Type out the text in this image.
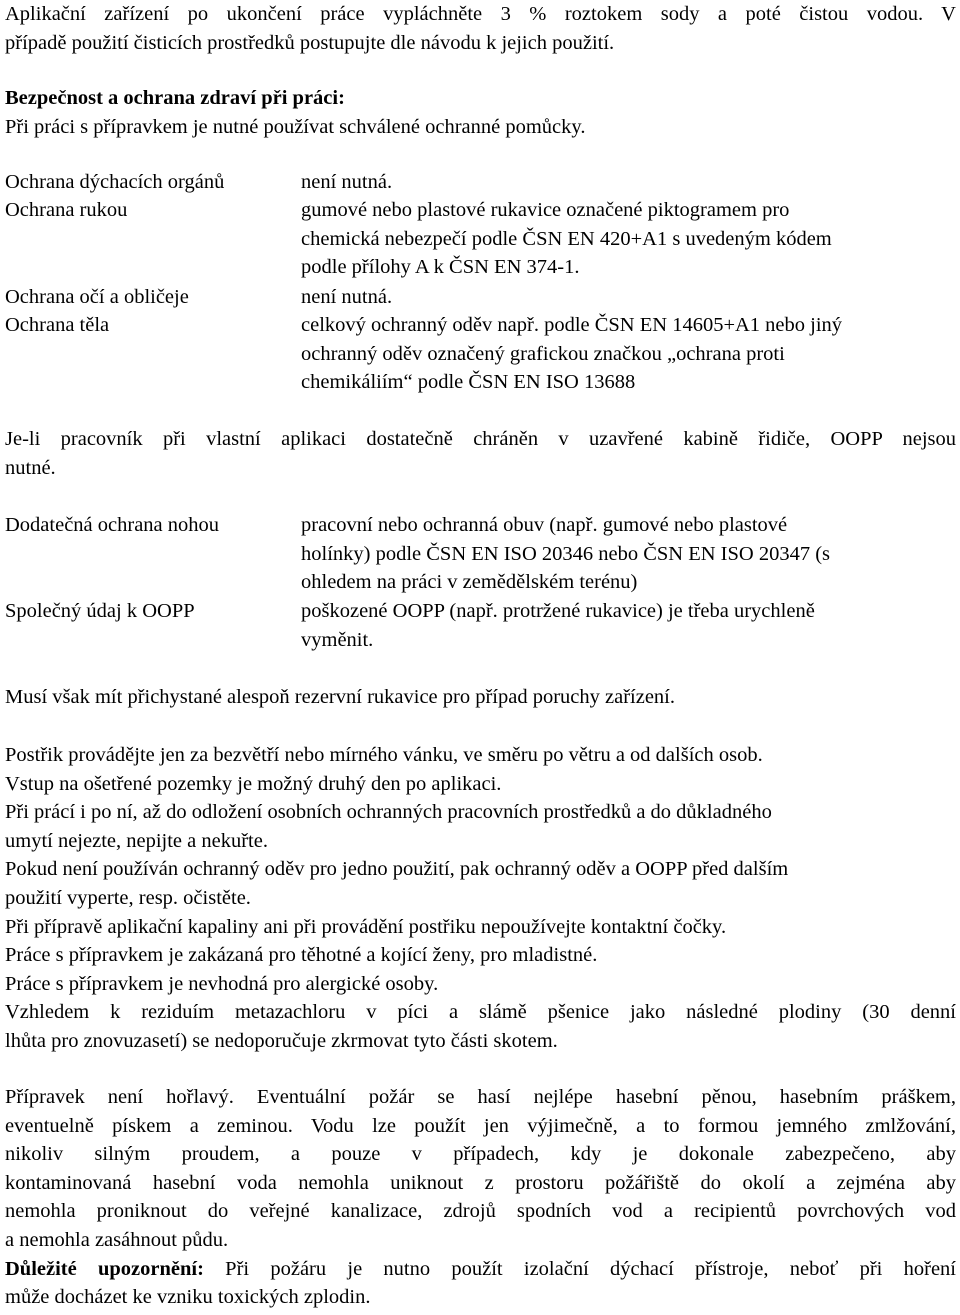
Aplikační zařízení po ukončení práce vypláchněte 3 % roztokem sody a poté čistou vodou. V
případě použití čisticích prostředků postupujte dle návodu k jejich použití.
Bezpečnost a ochrana zdraví při práci:
Při práci s přípravkem je nutné používat schválené ochranné pomůcky.
Ochrana dýchacích orgánů	není nutná.
Ochrana rukou	gumové nebo plastové rukavice označené piktogramem pro
chemická nebezpečí podle ČSN EN 420+A1 s uvedeným kódem
podle přílohy A k ČSN EN 374-1.
Ochrana očí a obličeje	není nutná.
Ochrana těla	celkový ochranný oděv např. podle ČSN EN 14605+A1 nebo jiný
ochranný oděv označený grafickou značkou „ochrana proti
chemikáliím“ podle ČSN EN ISO 13688
Je-li pracovník při vlastní aplikaci dostatečně chráněn v uzavřené kabině řidiče, OOPP nejsou
nutné.
Dodatečná ochrana nohou	pracovní nebo ochranná obuv (např. gumové nebo plastové
holínky) podle ČSN EN ISO 20346 nebo ČSN EN ISO 20347 (s
ohledem na práci v zemědělském terénu)
Společný údaj k OOPP	poškozené OOPP (např. protržené rukavice) je třeba urychleně
vyměnit.
Musí však mít přichystané alespoň rezervní rukavice pro případ poruchy zařízení.
Postřik provádějte jen za bezvětří nebo mírného vánku, ve směru po větru a od dalších osob.
Vstup na ošetřené pozemky je možný druhý den po aplikaci.
Při prácí i po ní, až do odložení osobních ochranných pracovních prostředků a do důkladného
umytí nejezte, nepijte a nekuřte.
Pokud není používán ochranný oděv pro jedno použití, pak ochranný oděv a OOPP před dalším
použití vyperte, resp. očistěte.
Při přípravě aplikační kapaliny ani při provádění postřiku nepoužívejte kontaktní čočky.
Práce s přípravkem je zakázaná pro těhotné a kojící ženy, pro mladistné.
Práce s přípravkem je nevhodná pro alergické osoby.
Vzhledem k reziduím metazachloru v píci a slámě pšenice jako následné plodiny (30 denní
lhůta pro znovuzasetí) se nedoporučuje zkrmovat tyto části skotem.
Přípravek není hořlavý. Eventuální požár se hasí nejlépe hasební pěnou, hasebním práškem,
eventuelně pískem a zeminou. Vodu lze použít jen výjimečně, a to formou jemného zmlžování,
nikoliv silným proudem, a pouze v případech, kdy je dokonale zabezpečeno, aby
kontaminovaná hasební voda nemohla uniknout z prostoru požářiště do okolí a zejména aby
nemohla proniknout do veřejné kanalizace, zdrojů spodních vod a recipientů povrchových vod
a nemohla zasáhnout půdu.
Důležité upozornění: Při požáru je nutno použít izolační dýchací přístroje, neboť při hoření
může docházet ke vzniku toxických zplodin.
